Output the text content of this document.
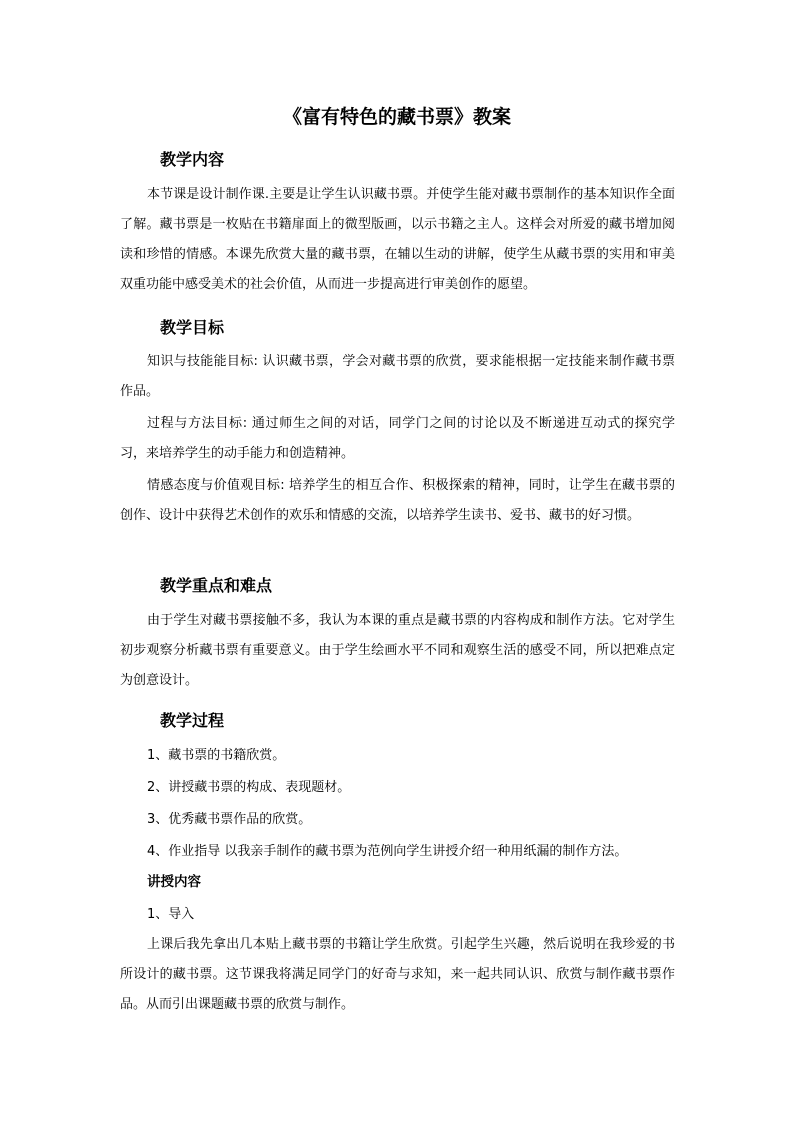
《富有特色的藏书票》教案
教学内容

本节课是设计制作课.主要是让学生认识藏书票。并使学生能对藏书票制作的基本知识作全面了解。藏书票是一枚贴在书籍扉面上的微型版画，以示书籍之主人。这样会对所爱的藏书增加阅读和珍惜的情感。本课先欣赏大量的藏书票，在辅以生动的讲解，使学生从藏书票的实用和审美双重功能中感受美术的社会价值，从而进一步提高进行审美创作的愿望。

教学目标

知识与技能能目标: 认识藏书票，学会对藏书票的欣赏，要求能根据一定技能来制作藏书票作品。

过程与方法目标: 通过师生之间的对话，同学门之间的讨论以及不断递进互动式的探究学习，来培养学生的动手能力和创造精神。

情感态度与价值观目标: 培养学生的相互合作、积极探索的精神，同时，让学生在藏书票的创作、设计中获得艺术创作的欢乐和情感的交流，以培养学生读书、爱书、藏书的好习惯。

教学重点和难点

由于学生对藏书票接触不多，我认为本课的重点是藏书票的内容构成和制作方法。它对学生初步观察分析藏书票有重要意义。由于学生绘画水平不同和观察生活的感受不同，所以把难点定为创意设计。

教学过程

1、藏书票的书籍欣赏。

2、讲授藏书票的构成、表现题材。

3、优秀藏书票作品的欣赏。

4、作业指导 以我亲手制作的藏书票为范例向学生讲授介绍一种用纸漏的制作方法。

讲授内容

1、导入

上课后我先拿出几本贴上藏书票的书籍让学生欣赏。引起学生兴趣，然后说明在我珍爱的书所设计的藏书票。这节课我将满足同学门的好奇与求知，来一起共同认识、欣赏与制作藏书票作品。从而引出课题藏书票的欣赏与制作。
